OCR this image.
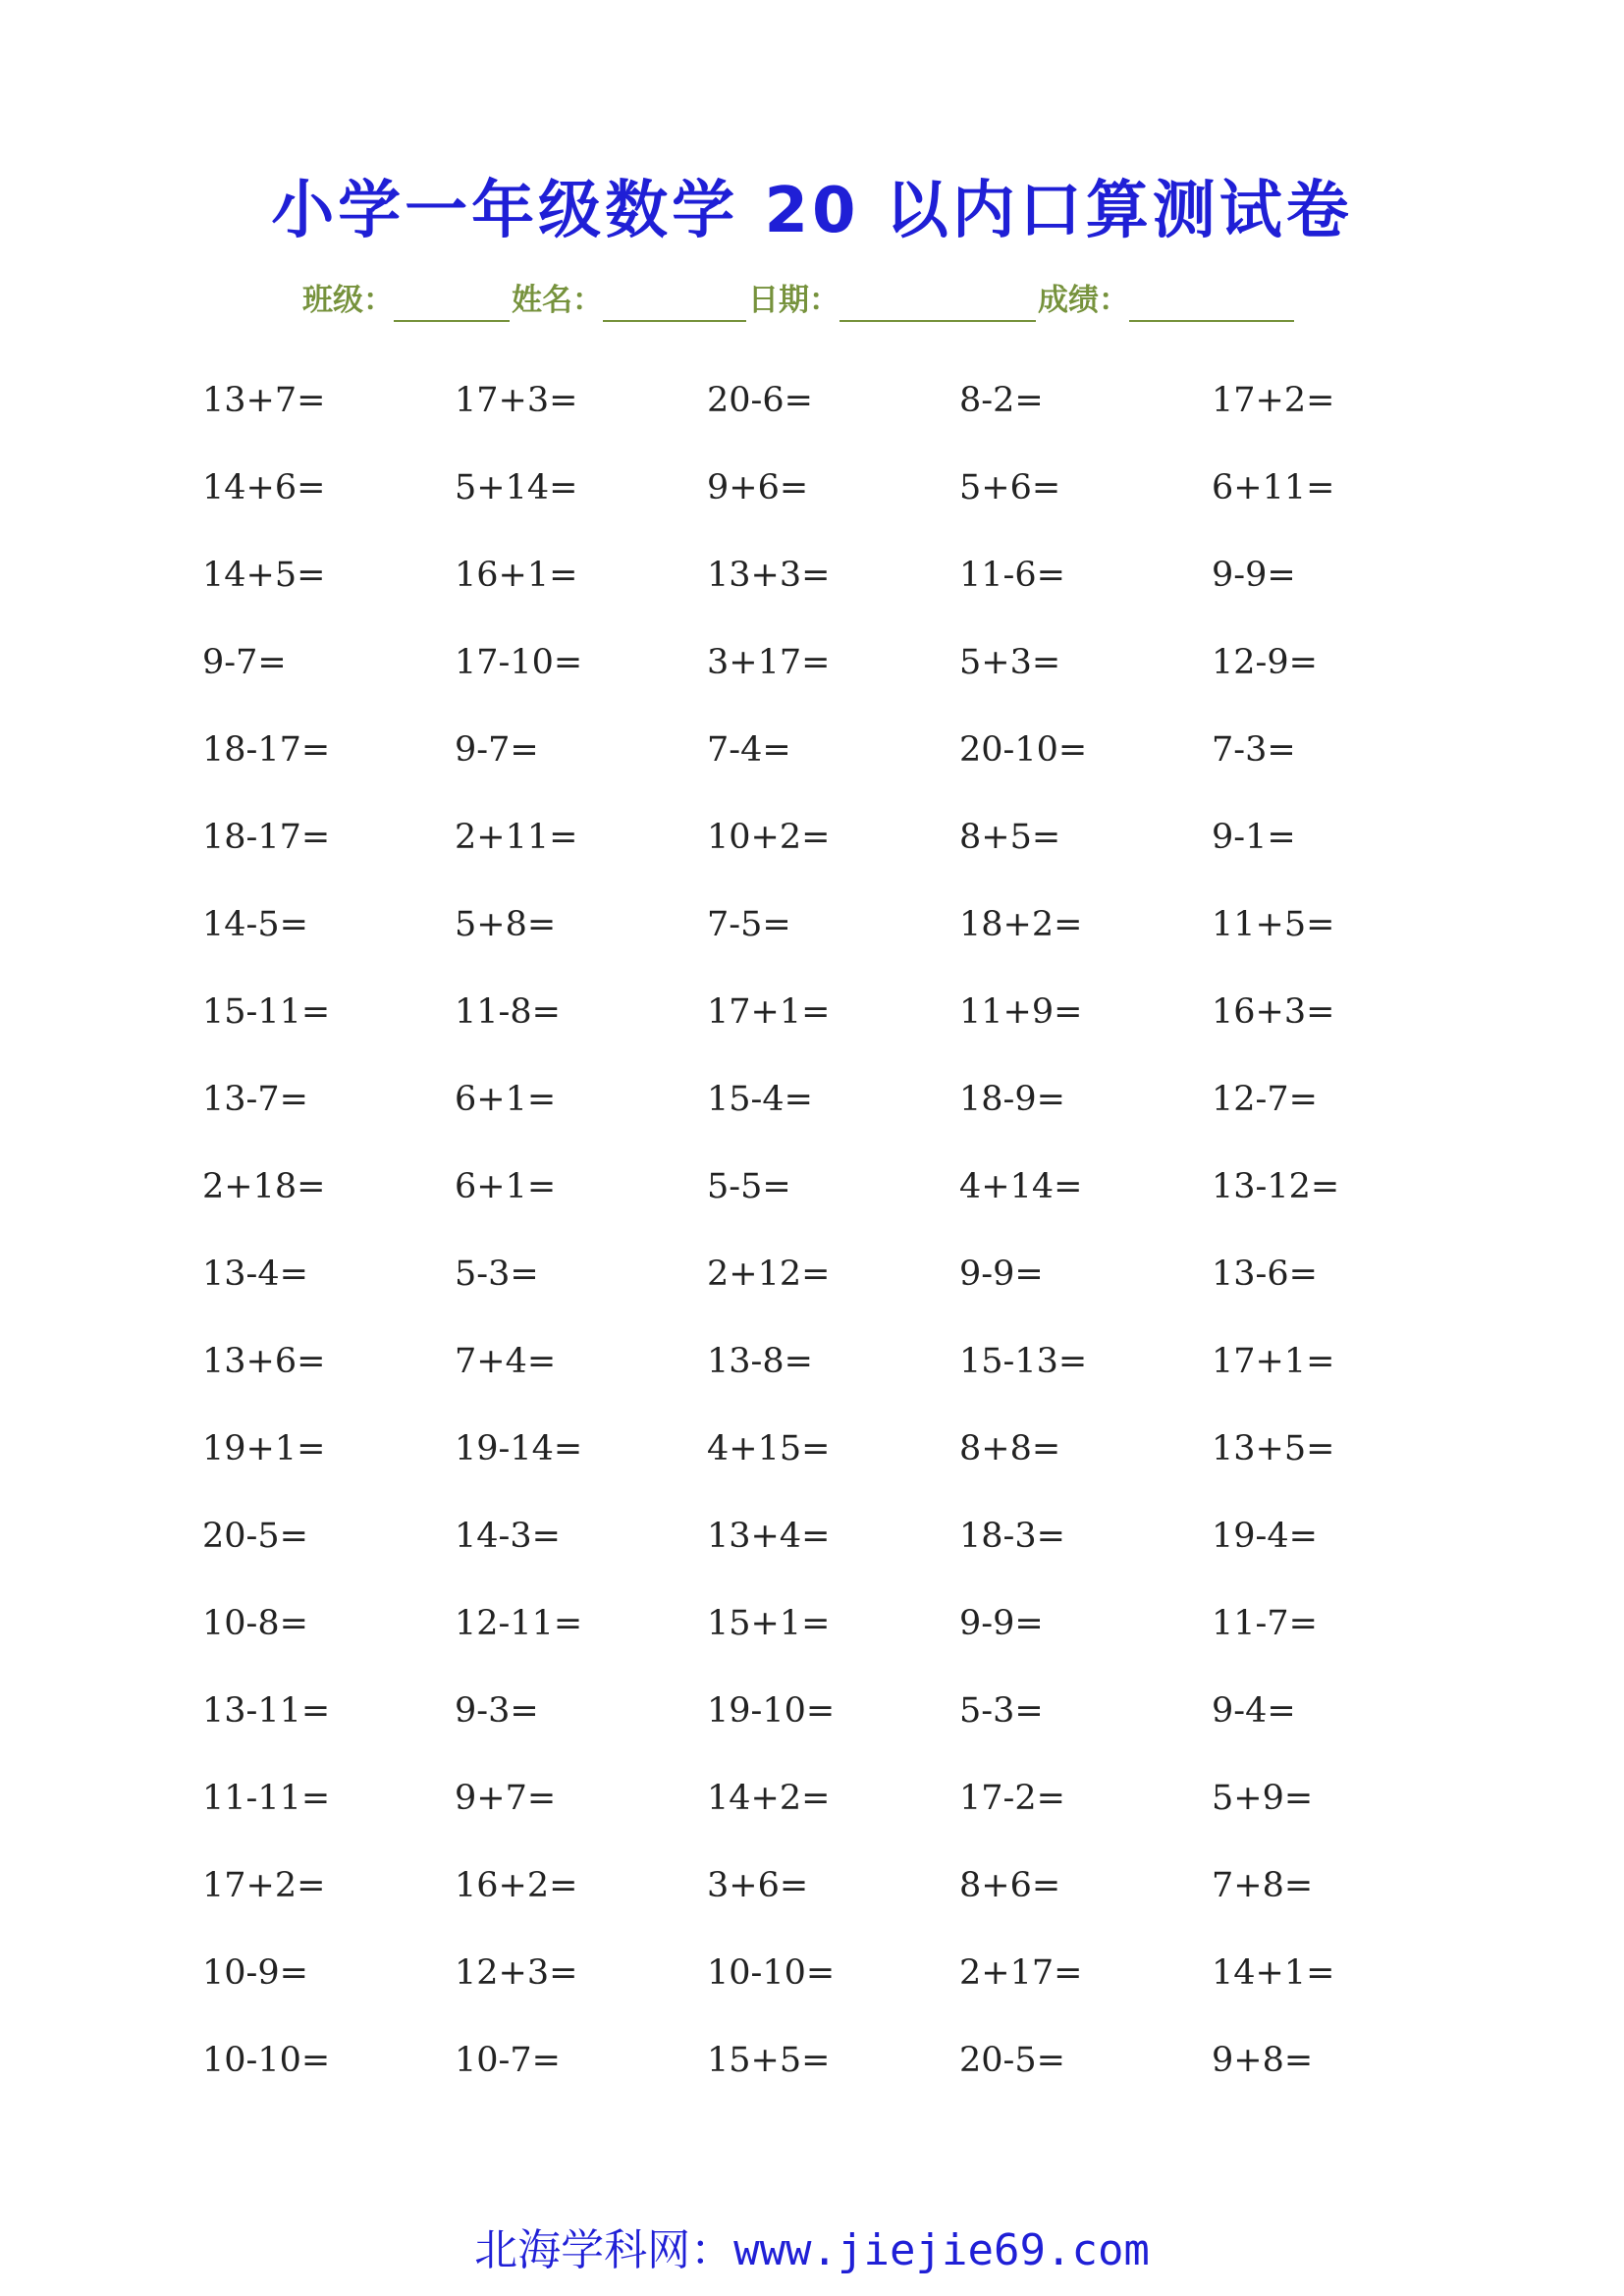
小学一年级数学 20 以内口算测试卷
班级：	姓名：	日期：	成绩：
13+7=	17+3=	20-6=	8-2=	17+2=
14+6=	5+14=	9+6=	5+6=	6+11=
14+5=	16+1=	13+3=	11-6=	9-9=
9-7=	17-10=	3+17=	5+3=	12-9=
18-17=	9-7=	7-4=	20-10=	7-3=
18-17=	2+11=	10+2=	8+5=	9-1=
14-5=	5+8=	7-5=	18+2=	11+5=
15-11=	11-8=	17+1=	11+9=	16+3=
13-7=	6+1=	15-4=	18-9=	12-7=
2+18=	6+1=	5-5=	4+14=	13-12=
13-4=	5-3=	2+12=	9-9=	13-6=
13+6=	7+4=	13-8=	15-13=	17+1=
19+1=	19-14=	4+15=	8+8=	13+5=
20-5=	14-3=	13+4=	18-3=	19-4=
10-8=	12-11=	15+1=	9-9=	11-7=
13-11=	9-3=	19-10=	5-3=	9-4=
11-11=	9+7=	14+2=	17-2=	5+9=
17+2=	16+2=	3+6=	8+6=	7+8=
10-9=	12+3=	10-10=	2+17=	14+1=
10-10=	10-7=	15+5=	20-5=	9+8=
北海学科网：www.jiejie69.com
